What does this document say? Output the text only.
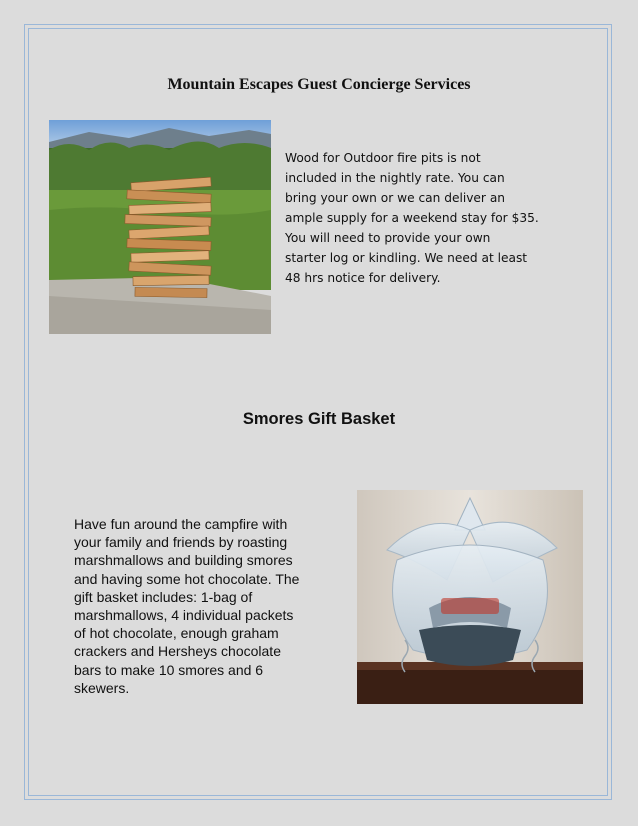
Mountain Escapes Guest Concierge Services
Wood for Outdoor fire pits is not
included in the nightly rate. You can
bring your own or we can deliver an
ample supply for a weekend stay for $35.
You will need to provide your own
starter log or kindling. We need at least
48 hrs notice for delivery.
Smores Gift Basket
Have fun around the campfire with
your family and friends by roasting
marshmallows and building smores
and having some hot chocolate. The
gift basket includes: 1-bag of
marshmallows, 4 individual packets
of hot chocolate, enough graham
crackers and Hersheys chocolate
bars to make 10 smores and 6
skewers.
